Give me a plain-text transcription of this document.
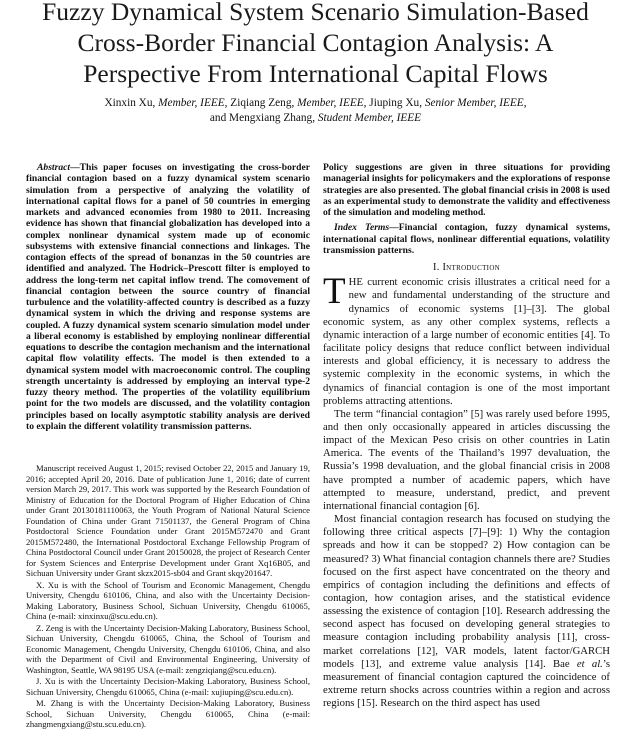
Fuzzy Dynamical System Scenario Simulation-Based
Cross-Border Financial Contagion Analysis: A
Perspective From International Capital Flows
Xinxin Xu, Member, IEEE, Ziqiang Zeng, Member, IEEE, Jiuping Xu, Senior Member, IEEE,
and Mengxiang Zhang, Student Member, IEEE

Abstract—This paper focuses on investigating the cross-border financial contagion based on a fuzzy dynamical system scenario simulation from a perspective of analyzing the volatility of international capital flows for a panel of 50 countries in emerging markets and advanced economies from 1980 to 2011. Increasing evidence has shown that financial globalization has developed into a complex nonlinear dynamical system made up of economic subsystems with extensive financial connections and linkages. The contagion effects of the spread of bonanzas in the 50 countries are identified and analyzed. The Hodrick–Prescott filter is employed to address the long-term net capital inflow trend. The comovement of financial contagion between the source country of financial turbulence and the volatility-affected country is described as a fuzzy dynamical system in which the driving and response systems are coupled. A fuzzy dynamical system scenario simulation model under a liberal economy is established by employing nonlinear differential equations to describe the contagion mechanism and the international capital flow volatility effects. The model is then extended to a dynamical system model with macroeconomic control. The coupling strength uncertainty is addressed by employing an interval type-2 fuzzy theory method. The properties of the volatility equilibrium point for the two models are discussed, and the volatility contagion principles based on locally asymptotic stability analysis are derived to explain the different volatility transmission patterns.

Manuscript received August 1, 2015; revised October 22, 2015 and January 19, 2016; accepted April 20, 2016. Date of publication June 1, 2016; date of current version March 29, 2017. This work was supported by the Research Foundation of Ministry of Education for the Doctoral Program of Higher Education of China under Grant 20130181110063, the Youth Program of National Natural Science Foundation of China under Grant 71501137, the General Program of China Postdoctoral Science Foundation under Grant 2015M572470 and Grant 2015M572480, the International Postdoctoral Exchange Fellowship Program of China Postdoctoral Council under Grant 20150028, the project of Research Center for System Sciences and Enterprise Development under Grant Xq16B05, and Sichuan University under Grant skzx2015-sb04 and Grant skqy201647.

X. Xu is with the School of Tourism and Economic Management, Chengdu University, Chengdu 610106, China, and also with the Uncertainty Decision-Making Laboratory, Business School, Sichuan University, Chengdu 610065, China (e-mail: xinxinxu@scu.edu.cn).

Z. Zeng is with the Uncertainty Decision-Making Laboratory, Business School, Sichuan University, Chengdu 610065, China, the School of Tourism and Economic Management, Chengdu University, Chengdu 610106, China, and also with the Department of Civil and Environmental Engineering, University of Washington, Seattle, WA 98195 USA (e-mail: zengziqiang@scu.edu.cn).

J. Xu is with the Uncertainty Decision-Making Laboratory, Business School, Sichuan University, Chengdu 610065, China (e-mail: xujiuping@scu.edu.cn).

M. Zhang is with the Uncertainty Decision-Making Laboratory, Business School, Sichuan University, Chengdu 610065, China (e-mail: zhangmengxiang@stu.scu.edu.cn).

Policy suggestions are given in three situations for providing managerial insights for policymakers and the explorations of response strategies are also presented. The global financial crisis in 2008 is used as an experimental study to demonstrate the validity and effectiveness of the simulation and modeling method.

Index Terms—Financial contagion, fuzzy dynamical systems, international capital flows, nonlinear differential equations, volatility transmission patterns.

I. Introduction

THE current economic crisis illustrates a critical need for a new and fundamental understanding of the structure and dynamics of economic systems [1]–[3]. The global economic system, as any other complex systems, reflects a dynamic interaction of a large number of economic entities [4]. To facilitate policy designs that reduce conflict between individual interests and global efficiency, it is necessary to address the systemic complexity in the economic systems, in which the dynamics of financial contagion is one of the most important problems attracting attentions.

The term “financial contagion” [5] was rarely used before 1995, and then only occasionally appeared in articles discussing the impact of the Mexican Peso crisis on other countries in Latin America. The events of the Thailand’s 1997 devaluation, the Russia’s 1998 devaluation, and the global financial crisis in 2008 have prompted a number of academic papers, which have attempted to measure, understand, predict, and prevent international financial contagion [6].

Most financial contagion research has focused on studying the following three critical aspects [7]–[9]: 1) Why the contagion spreads and how it can be stopped? 2) How contagion can be measured? 3) What financial contagion channels there are? Studies focused on the first aspect have concentrated on the theory and empirics of contagion including the definitions and effects of contagion, how contagion arises, and the statistical evidence assessing the existence of contagion [10]. Research addressing the second aspect has focused on developing general strategies to measure contagion including probability analysis [11], cross-market correlations [12], VAR models, latent factor/GARCH models [13], and extreme value analysis [14]. Bae et al.’s measurement of financial contagion captured the coincidence of extreme return shocks across countries within a region and across regions [15]. Research on the third aspect has used
